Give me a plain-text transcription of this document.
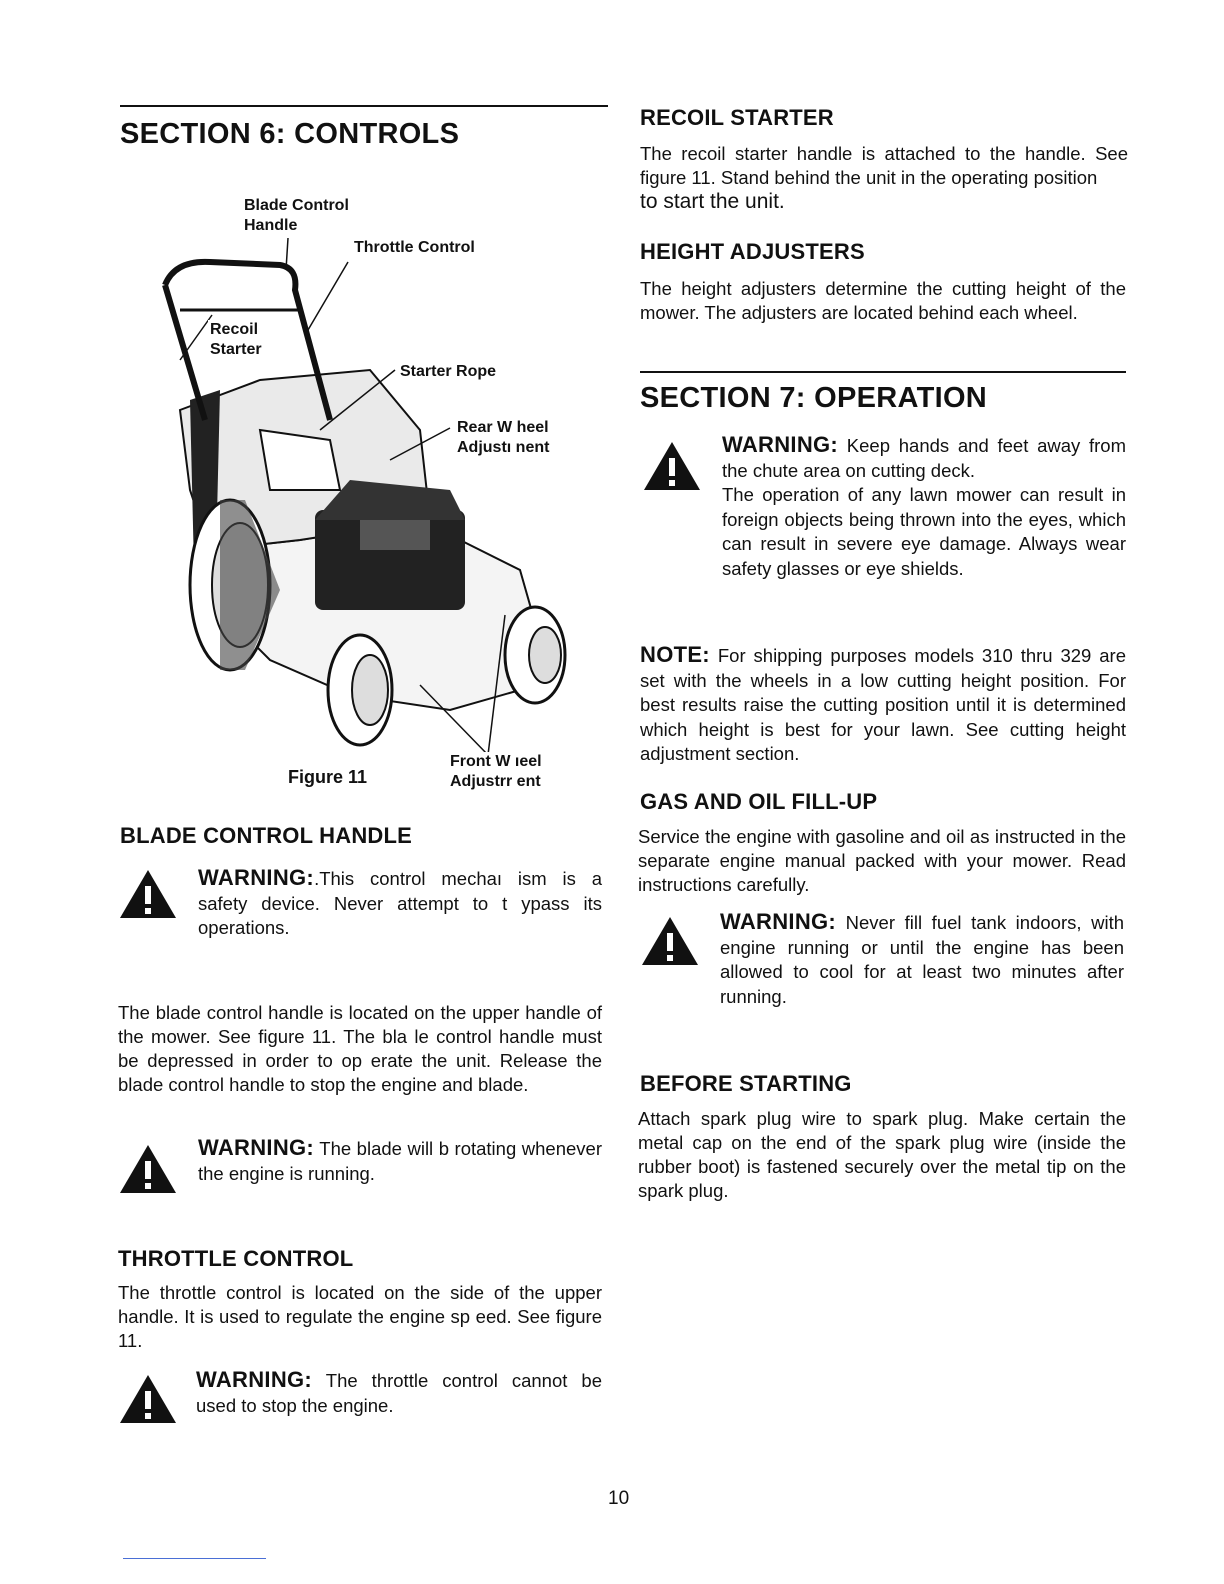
SECTION 6: CONTROLS
Blade Control
Handle
Throttle Control
Recoil
Starter
Starter Rope
Rear W heel
Adjustı nent
Front W ıeel
Adjustrr ent
Figure 11
BLADE CONTROL HANDLE
WARNING:.This control mechaı ism is a safety device. Never attempt to t ypass its operations.

The blade control handle is located on the upper handle of the mower. See figure 11. The bla le control handle must be depressed in order to op erate the unit. Release the blade control handle to stop the engine and blade.

WARNING: The blade will b rotating whenever the engine is running.
THROTTLE CONTROL

The throttle control is located on the side of the upper handle. It is used to regulate the engine sp eed. See figure 11.

WARNING: The throttle control cannot be used to stop the engine.
RECOIL STARTER
The recoil starter handle is attached to the handle. See figure 11. Stand behind the unit in the operating position
to start the unit.
HEIGHT ADJUSTERS

The height adjusters determine the cutting height of the mower. The adjusters are located behind each wheel.

SECTION 7: OPERATION
WARNING: Keep hands and feet away from the chute area on cutting deck.
The operation of any lawn mower can result in foreign objects being thrown into the eyes, which can result in severe eye damage. Always wear safety glasses or eye shields.
NOTE: For shipping purposes models 310 thru 329 are set with the wheels in a low cutting height position. For best results raise the cutting position until it is determined which height is best for your lawn. See cutting height adjustment section.
GAS AND OIL FILL-UP

Service the engine with gasoline and oil as instructed in the separate engine manual packed with your mower. Read instructions carefully.

WARNING: Never fill fuel tank indoors, with engine running or until the engine has been allowed to cool for at least two minutes after running.
BEFORE STARTING

Attach spark plug wire to spark plug. Make certain the metal cap on the end of the spark plug wire (inside the rubber boot) is fastened securely over the metal tip on the spark plug.

10
